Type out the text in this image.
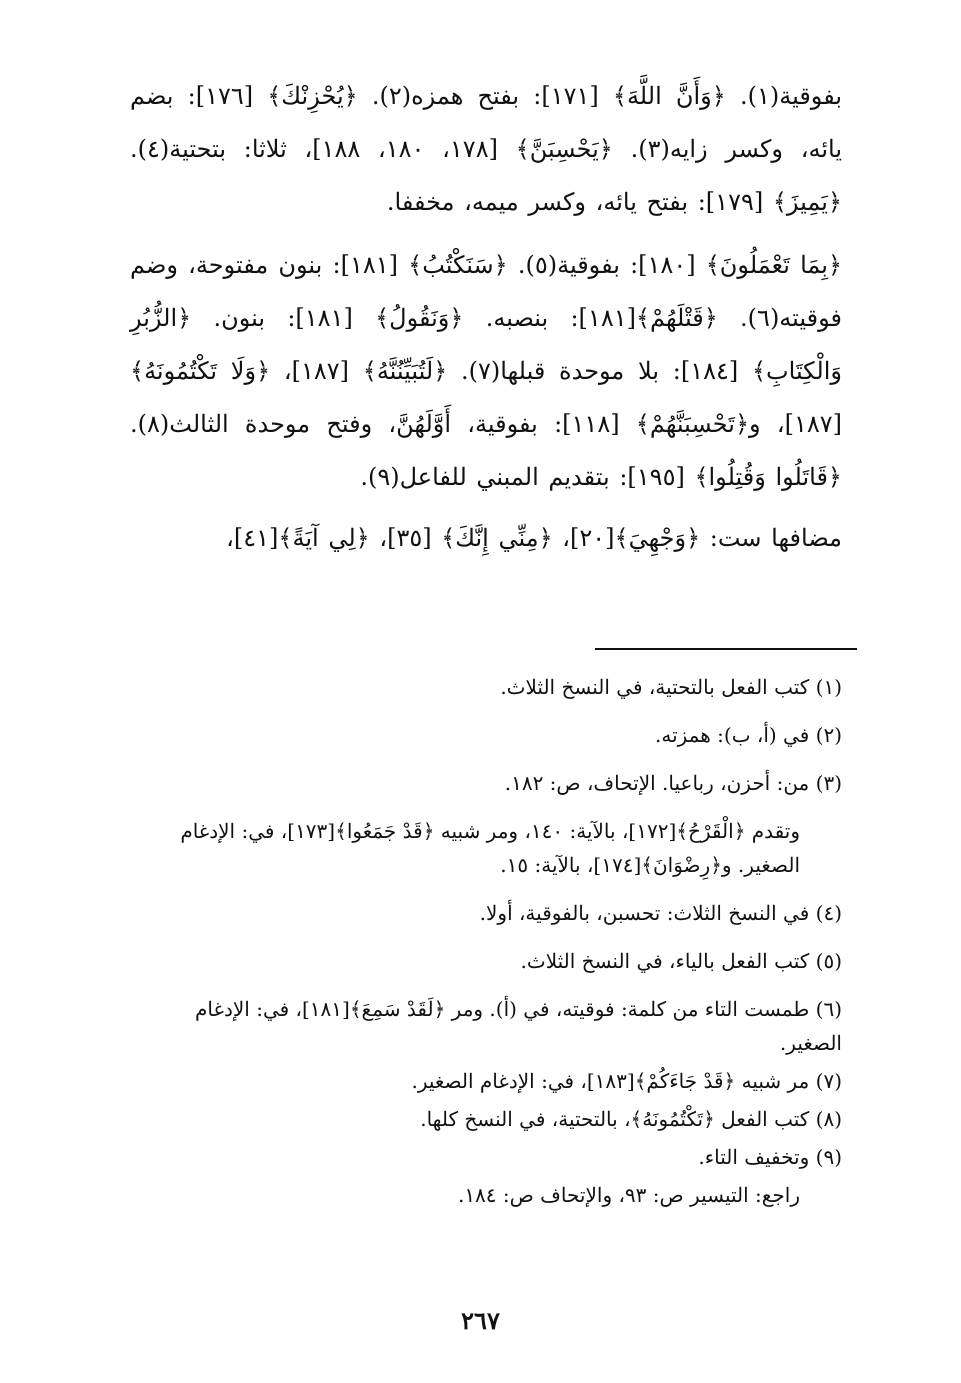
بفوقية(١). ﴿وَأَنَّ اللَّهَ﴾ [١٧١]: بفتح همزه(٢). ﴿يُحْزِنْكَ﴾ [١٧٦]: بضم يائه، وكسر زايه(٣). ﴿يَحْسِبَنَّ﴾ [١٧٨، ١٨٠، ١٨٨]، ثلاثا: بتحتية(٤). ﴿يَمِيزَ﴾ [١٧٩]: بفتح يائه، وكسر ميمه، مخففا.

﴿بِمَا تَعْمَلُونَ﴾ [١٨٠]: بفوقية(٥). ﴿سَنَكْتُبُ﴾ [١٨١]: بنون مفتوحة، وضم فوقيته(٦). ﴿قَتْلَهُمْ﴾[١٨١]: بنصبه. ﴿وَنَقُولُ﴾ [١٨١]: بنون. ﴿الزُّبُرِ وَالْكِتَابِ﴾ [١٨٤]: بلا موحدة قبلها(٧). ﴿لَتُبَيِّنُنَّهُ﴾ [١٨٧]، ﴿وَلَا تَكْتُمُونَهُ﴾ [١٨٧]، و﴿تَحْسِبَنَّهُمْ﴾ [١١٨]: بفوقية، أَوَّلَهُنَّ، وفتح موحدة الثالث(٨). ﴿قَاتَلُوا وَقُتِلُوا﴾ [١٩٥]: بتقديم المبني للفاعل(٩).

مضافها ست: ﴿وَجْهِيَ﴾[٢٠]، ﴿مِنِّي إِنَّكَ﴾ [٣٥]، ﴿لِي آيَةً﴾[٤١]،

(١) كتب الفعل بالتحتية، في النسخ الثلاث.

(٢) في (أ، ب): همزته.

(٣) من: أحزن، رباعيا. الإتحاف، ص: ١٨٢.

وتقدم ﴿الْقَرْحُ﴾[١٧٢]، بالآية: ١٤٠، ومر شبيه ﴿قَدْ جَمَعُوا﴾[١٧٣]، في: الإدغام الصغير. و﴿رِضْوَانَ﴾[١٧٤]، بالآية: ١٥.

(٤) في النسخ الثلاث: تحسبن، بالفوقية، أولا.

(٥) كتب الفعل بالياء، في النسخ الثلاث.

(٦) طمست التاء من كلمة: فوقيته، في (أ). ومر ﴿لَقَدْ سَمِعَ﴾[١٨١]، في: الإدغام الصغير.

(٧) مر شبيه ﴿قَدْ جَاءَكُمْ﴾[١٨٣]، في: الإدغام الصغير.

(٨) كتب الفعل ﴿تَكْتُمُونَهُ﴾، بالتحتية، في النسخ كلها.

(٩) وتخفيف التاء.

راجع: التيسير ص: ٩٣، والإتحاف ص: ١٨٤.

٢٦٧
